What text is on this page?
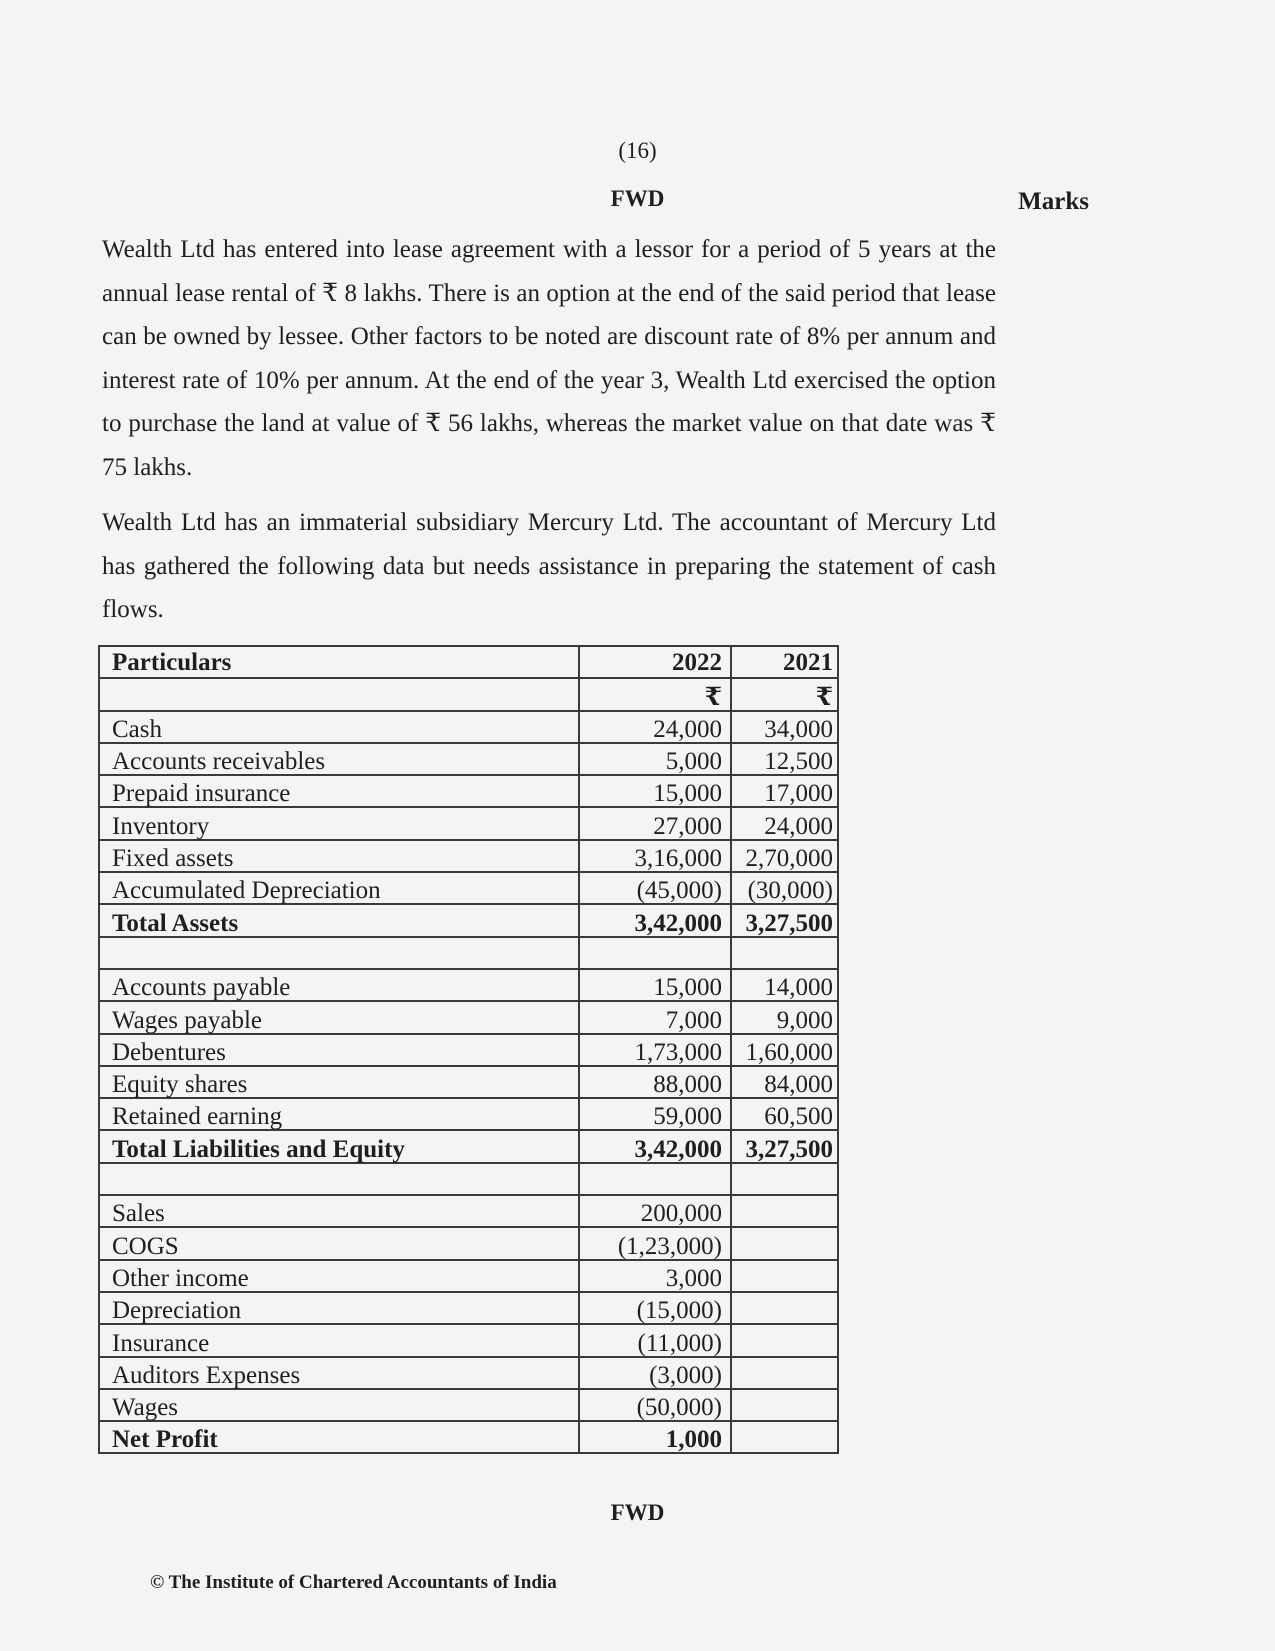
(16)
FWD	Marks

Wealth Ltd has entered into lease agreement with a lessor for a period of 5 years at the annual lease rental of ₹ 8 lakhs. There is an option at the end of the said period that lease can be owned by lessee. Other factors to be noted are discount rate of 8% per annum and interest rate of 10% per annum. At the end of the year 3, Wealth Ltd exercised the option to purchase the land at value of ₹ 56 lakhs, whereas the market value on that date was ₹ 75 lakhs.

Wealth Ltd has an immaterial subsidiary Mercury Ltd. The accountant of Mercury Ltd has gathered the following data but needs assistance in preparing the statement of cash flows.

Particulars	2022	2021
	₹	₹
Cash	24,000	34,000
Accounts receivables	5,000	12,500
Prepaid insurance	15,000	17,000
Inventory	27,000	24,000
Fixed assets	3,16,000	2,70,000
Accumulated Depreciation	(45,000)	(30,000)
Total Assets	3,42,000	3,27,500

Accounts payable	15,000	14,000
Wages payable	7,000	9,000
Debentures	1,73,000	1,60,000
Equity shares	88,000	84,000
Retained earning	59,000	60,500
Total Liabilities and Equity	3,42,000	3,27,500

Sales	200,000	
COGS	(1,23,000)	
Other income	3,000	
Depreciation	(15,000)	
Insurance	(11,000)	
Auditors Expenses	(3,000)	
Wages	(50,000)	
Net Profit	1,000	
FWD
© The Institute of Chartered Accountants of India
